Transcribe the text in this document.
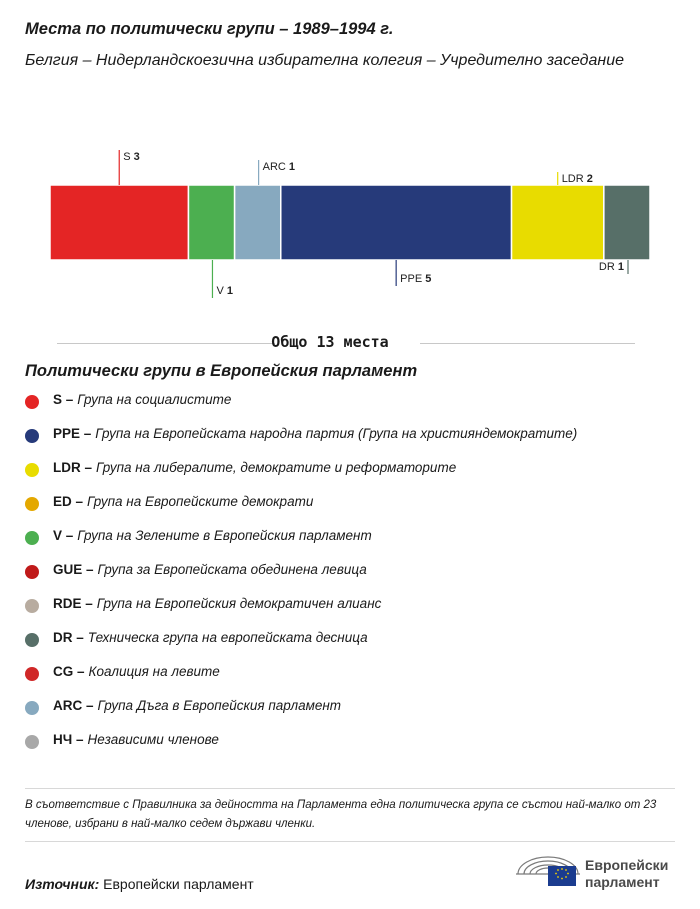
Места по политически групи – 1989–1994 г.
Белгия – Нидерландскоезична избирателна колегия – Учредително заседание
S 3
V 1
ARC 1
PPE 5
LDR 2
DR 1
Общо 13 места
Политически групи в Европейския парламент
S – Група на социалистите
PPE – Група на Европейската народна партия (Група на християндемократите)
LDR – Група на либералите, демократите и реформаторите
ED – Група на Европейските демократи
V – Група на Зелените в Европейския парламент
GUE – Група за Европейската обединена левица
RDE – Група на Европейския демократичен алианс
DR – Техническа група на европейската десница
CG – Коалиция на левите
ARC – Група Дъга в Европейския парламент
НЧ – Независими членове
В съответствие с Правилника за дейността на Парламента една политическа група се състои най-малко от 23 членове, избрани в най-малко седем държави членки.
Източник: Европейски парламент
Европейски
парламент
